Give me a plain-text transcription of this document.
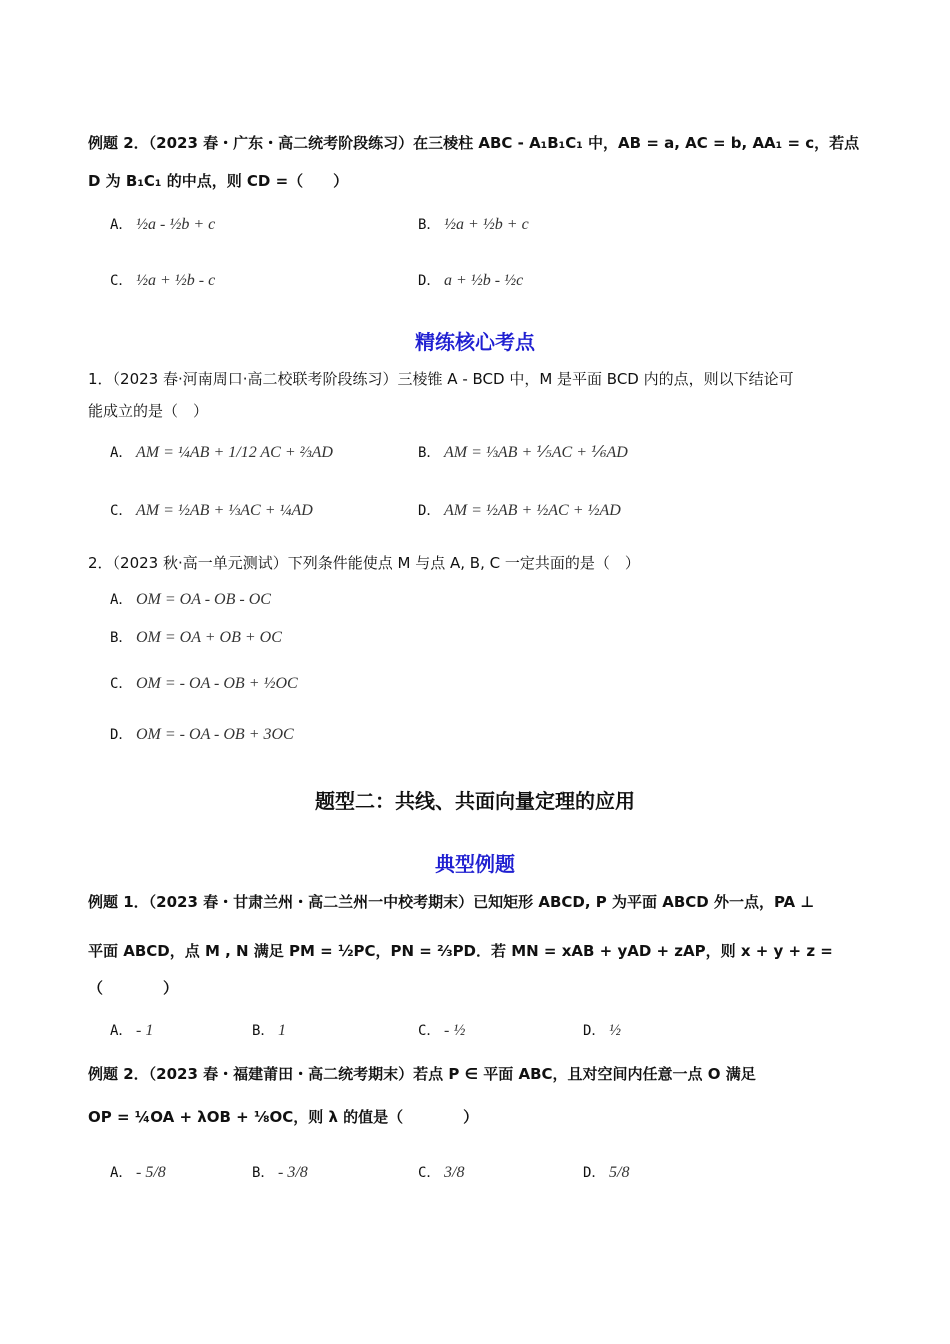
例题 2．（2023 春・广东・高二统考阶段练习）在三棱柱 ABC - A₁B₁C₁ 中，AB = a, AC = b, AA₁ = c，若点
D 为 B₁C₁ 的中点，则 CD =（　　）
A． ½a - ½b + c	B． ½a + ½b + c
C． ½a + ½b - c	D． a + ½b - ½c
精练核心考点
1．（2023 春·河南周口·高二校联考阶段练习）三棱锥 A - BCD 中，M 是平面 BCD 内的点，则以下结论可
能成立的是（　）
A． AM = ¼AB + 1/12 AC + ⅔AD	B． AM = ⅓AB + ⅕AC + ⅙AD
C． AM = ½AB + ⅓AC + ¼AD	D． AM = ½AB + ½AC + ½AD
2．（2023 秋·高一单元测试）下列条件能使点 M 与点 A, B, C 一定共面的是（　）
A． OM = OA - OB - OC
B． OM = OA + OB + OC
C． OM = - OA - OB + ½OC
D． OM = - OA - OB + 3OC
题型二：共线、共面向量定理的应用
典型例题
例题 1．（2023 春・甘肃兰州・高二兰州一中校考期末）已知矩形 ABCD, P 为平面 ABCD 外一点，PA ⊥
平面 ABCD，点 M , N 满足 PM = ½PC，PN = ⅔PD．若 MN = xAB + yAD + zAP，则 x + y + z =
（　　　　）
A． - 1	B． 1	C． - ½	D． ½
例题 2．（2023 春・福建莆田・高二统考期末）若点 P ∈ 平面 ABC，且对空间内任意一点 O 满足
OP = ¼OA + λOB + ⅛OC，则 λ 的值是（　　　　）
A． - 5/8	B． - 3/8	C． 3/8	D． 5/8
